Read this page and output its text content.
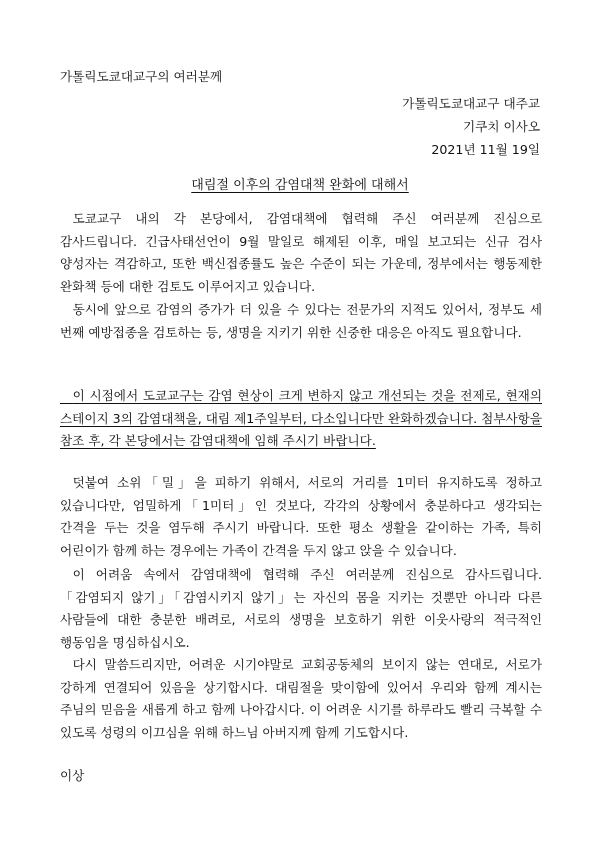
가톨릭도쿄대교구의 여러분께
가톨릭도쿄대교구 대주교
기쿠치 이사오
2021년 11월 19일
대림절 이후의 감염대책 완화에 대해서
 도쿄교구 내의 각 본당에서, 감염대책에 협력해 주신 여러분께 진심으로 감사드립니다. 긴급사태선언이 9월 말일로 해제된 이후, 매일 보고되는 신규 검사 양성자는 격감하고, 또한 백신접종률도 높은 수준이 되는 가운데, 정부에서는 행동제한 완화책 등에 대한 검토도 이루어지고 있습니다.
 동시에 앞으로 감염의 증가가 더 있을 수 있다는 전문가의 지적도 있어서, 정부도 세 번째 예방접종을 검토하는 등, 생명을 지키기 위한 신중한 대응은 아직도 필요합니다.
 이 시점에서 도쿄교구는 감염 현상이 크게 변하지 않고 개선되는 것을 전제로, 현재의 스테이지 3의 감염대책을, 대림 제1주일부터, 다소입니다만 완화하겠습니다. 첨부사항을 참조 후, 각 본당에서는 감염대책에 임해 주시기 바랍니다.
 덧붙여 소위「밀」을 피하기 위해서, 서로의 거리를 1미터 유지하도록 정하고 있습니다만, 엄밀하게「1미터」인 것보다, 각각의 상황에서 충분하다고 생각되는 간격을 두는 것을 염두해 주시기 바랍니다. 또한 평소 생활을 같이하는 가족, 특히 어린이가 함께 하는 경우에는 가족이 간격을 두지 않고 앉을 수 있습니다.
 이 어려움 속에서 감염대책에 협력해 주신 여러분께 진심으로 감사드립니다.「감염되지 않기」「감염시키지 않기」는 자신의 몸을 지키는 것뿐만 아니라 다른 사람들에 대한 충분한 배려로, 서로의 생명을 보호하기 위한 이웃사랑의 적극적인 행동임을 명심하십시오.
 다시 말씀드리지만, 어려운 시기야말로 교회공동체의 보이지 않는 연대로, 서로가 강하게 연결되어 있음을 상기합시다. 대림절을 맞이함에 있어서 우리와 함께 계시는 주님의 믿음을 새롭게 하고 함께 나아갑시다. 이 어려운 시기를 하루라도 빨리 극복할 수 있도록 성령의 이끄심을 위해 하느님 아버지께 함께 기도합시다.
이상
